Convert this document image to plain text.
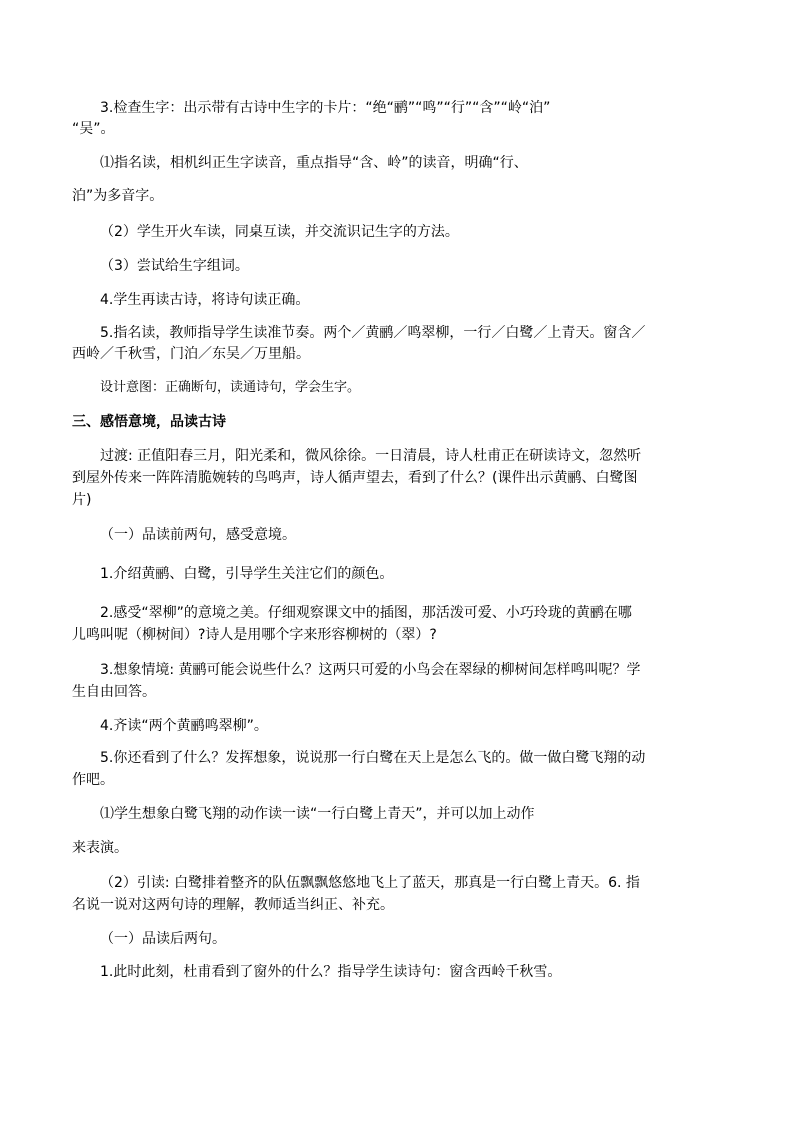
3.检查生字：出示带有古诗中生字的卡片：“绝“鹂”“鸣”“行”“含”“岭“泊”
“吴”。
⑴指名读，相机纠正生字读音，重点指导“含、岭”的读音，明确“行、
泊”为多音字。
（2）学生开火车读，同桌互读，并交流识记生字的方法。
（3）尝试给生字组词。
4.学生再读古诗，将诗句读正确。
5.指名读，教师指导学生读准节奏。两个／黄鹂／鸣翠柳，一行／白鹭／上青天。窗含／
西岭／千秋雪，门泊／东吴／万里船。
设计意图：正确断句，读通诗句，学会生字。
三、感悟意境，品读古诗
过渡: 正值阳春三月，阳光柔和，微风徐徐。一日清晨，诗人杜甫正在研读诗文，忽然听
到屋外传来一阵阵清脆婉转的鸟鸣声，诗人循声望去，看到了什么？(课件出示黄鹂、白鹭图
片)
（一）品读前两句，感受意境。
1.介绍黄鹂、白鹭，引导学生关注它们的颜色。
2.感受“翠柳”的意境之美。仔细观察课文中的插图，那活泼可爱、小巧玲珑的黄鹂在哪
儿鸣叫呢（柳树间）?诗人是用哪个字来形容柳树的（翠）?
3.想象情境: 黄鹂可能会说些什么？这两只可爱的小鸟会在翠绿的柳树间怎样鸣叫呢？学
生自由回答。
4.齐读“两个黄鹂鸣翠柳”。
5.你还看到了什么？发挥想象，说说那一行白鹭在天上是怎么飞的。做一做白鹭飞翔的动
作吧。
⑴学生想象白鹭飞翔的动作读一读“一行白鹭上青天”，并可以加上动作
来表演。
（2）引读: 白鹭排着整齐的队伍飘飘悠悠地飞上了蓝天，那真是一行白鹭上青天。6. 指
名说一说对这两句诗的理解，教师适当纠正、补充。
（一）品读后两句。
1.此时此刻，杜甫看到了窗外的什么？指导学生读诗句：窗含西岭千秋雪。
